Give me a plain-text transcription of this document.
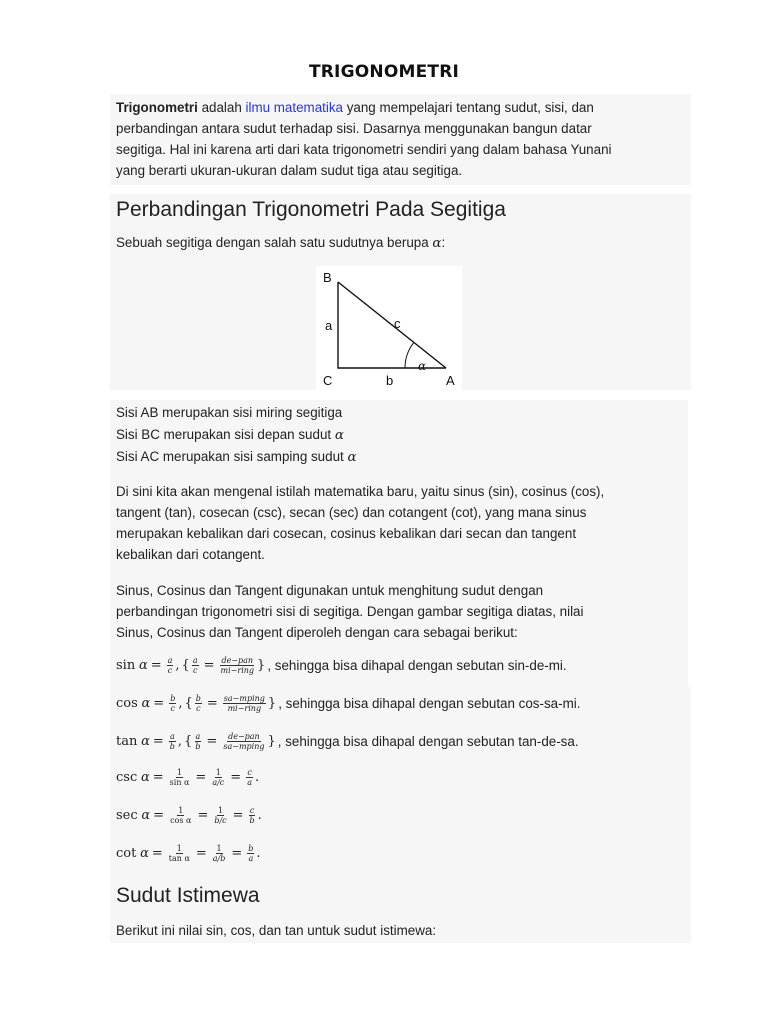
TRIGONOMETRI

Trigonometri adalah ilmu matematika yang mempelajari tentang sudut, sisi, dan

perbandingan antara sudut terhadap sisi. Dasarnya menggunakan bangun datar

segitiga. Hal ini karena arti dari kata trigonometri sendiri yang dalam bahasa Yunani

yang berarti ukuran-ukuran dalam sudut tiga atau segitiga.

Perbandingan Trigonometri Pada Segitiga

Sebuah segitiga dengan salah satu sudutnya berupa α:

B
C	A
a
b
c
α

Sisi AB merupakan sisi miring segitiga

Sisi BC merupakan sisi depan sudut α

Sisi AC merupakan sisi samping sudut α

Di sini kita akan mengenal istilah matematika baru, yaitu sinus (sin), cosinus (cos),

tangent (tan), cosecan (csc), secan (sec) dan cotangent (cot), yang mana sinus

merupakan kebalikan dari cosecan, cosinus kebalikan dari secan dan tangent

kebalikan dari cotangent.

Sinus, Cosinus dan Tangent digunakan untuk menghitung sudut dengan

perbandingan trigonometri sisi di segitiga. Dengan gambar segitiga diatas, nilai

Sinus, Cosinus dan Tangent diperoleh dengan cara sebagai berikut:

sin
$\alpha = \frac{a}{c}$ , { $\frac{a}{c} = \frac{\text{de−pan}}{\text{mi−ring}}$ } , sehingga bisa dihapal dengan sebutan sin-de-mi.
cos
$\alpha = \frac{b}{c}$ , { $\frac{b}{c} = \frac{\text{sa−mping}}{\text{mi−ring}}$ } , sehingga bisa dihapal dengan sebutan cos-sa-mi.
tan
$\alpha = \frac{a}{b}$ , { $\frac{a}{b} = \frac{\text{de−pan}}{\text{sa−mping}}$ } , sehingga bisa dihapal dengan sebutan tan-de-sa.
csc
$\alpha = \frac{1}{\text{sin α}} = \frac{1}{a/c} = \frac{c}{a}$ .
sec
$\alpha = \frac{1}{\text{cos α}} = \frac{1}{b/c} = \frac{c}{b}$ .
cot
$\alpha = \frac{1}{\text{tan α}} = \frac{1}{a/b} = \frac{b}{a}$ .
Sudut Istimewa

Berikut ini nilai sin, cos, dan tan untuk sudut istimewa:
